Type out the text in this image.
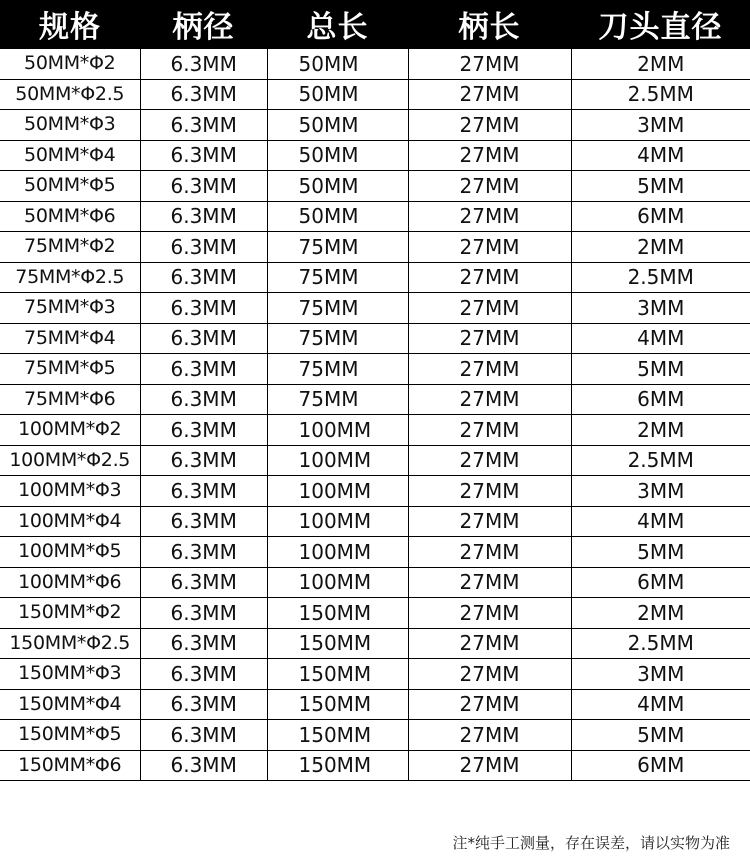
规格	柄径	总长	柄长	刀头直径
50MM*Φ2	6.3MM	50MM	27MM	2MM
50MM*Φ2.5	6.3MM	50MM	27MM	2.5MM
50MM*Φ3	6.3MM	50MM	27MM	3MM
50MM*Φ4	6.3MM	50MM	27MM	4MM
50MM*Φ5	6.3MM	50MM	27MM	5MM
50MM*Φ6	6.3MM	50MM	27MM	6MM
75MM*Φ2	6.3MM	75MM	27MM	2MM
75MM*Φ2.5	6.3MM	75MM	27MM	2.5MM
75MM*Φ3	6.3MM	75MM	27MM	3MM
75MM*Φ4	6.3MM	75MM	27MM	4MM
75MM*Φ5	6.3MM	75MM	27MM	5MM
75MM*Φ6	6.3MM	75MM	27MM	6MM
100MM*Φ2	6.3MM	100MM	27MM	2MM
100MM*Φ2.5	6.3MM	100MM	27MM	2.5MM
100MM*Φ3	6.3MM	100MM	27MM	3MM
100MM*Φ4	6.3MM	100MM	27MM	4MM
100MM*Φ5	6.3MM	100MM	27MM	5MM
100MM*Φ6	6.3MM	100MM	27MM	6MM
150MM*Φ2	6.3MM	150MM	27MM	2MM
150MM*Φ2.5	6.3MM	150MM	27MM	2.5MM
150MM*Φ3	6.3MM	150MM	27MM	3MM
150MM*Φ4	6.3MM	150MM	27MM	4MM
150MM*Φ5	6.3MM	150MM	27MM	5MM
150MM*Φ6	6.3MM	150MM	27MM	6MM
注*纯手工测量，存在误差，请以实物为准
